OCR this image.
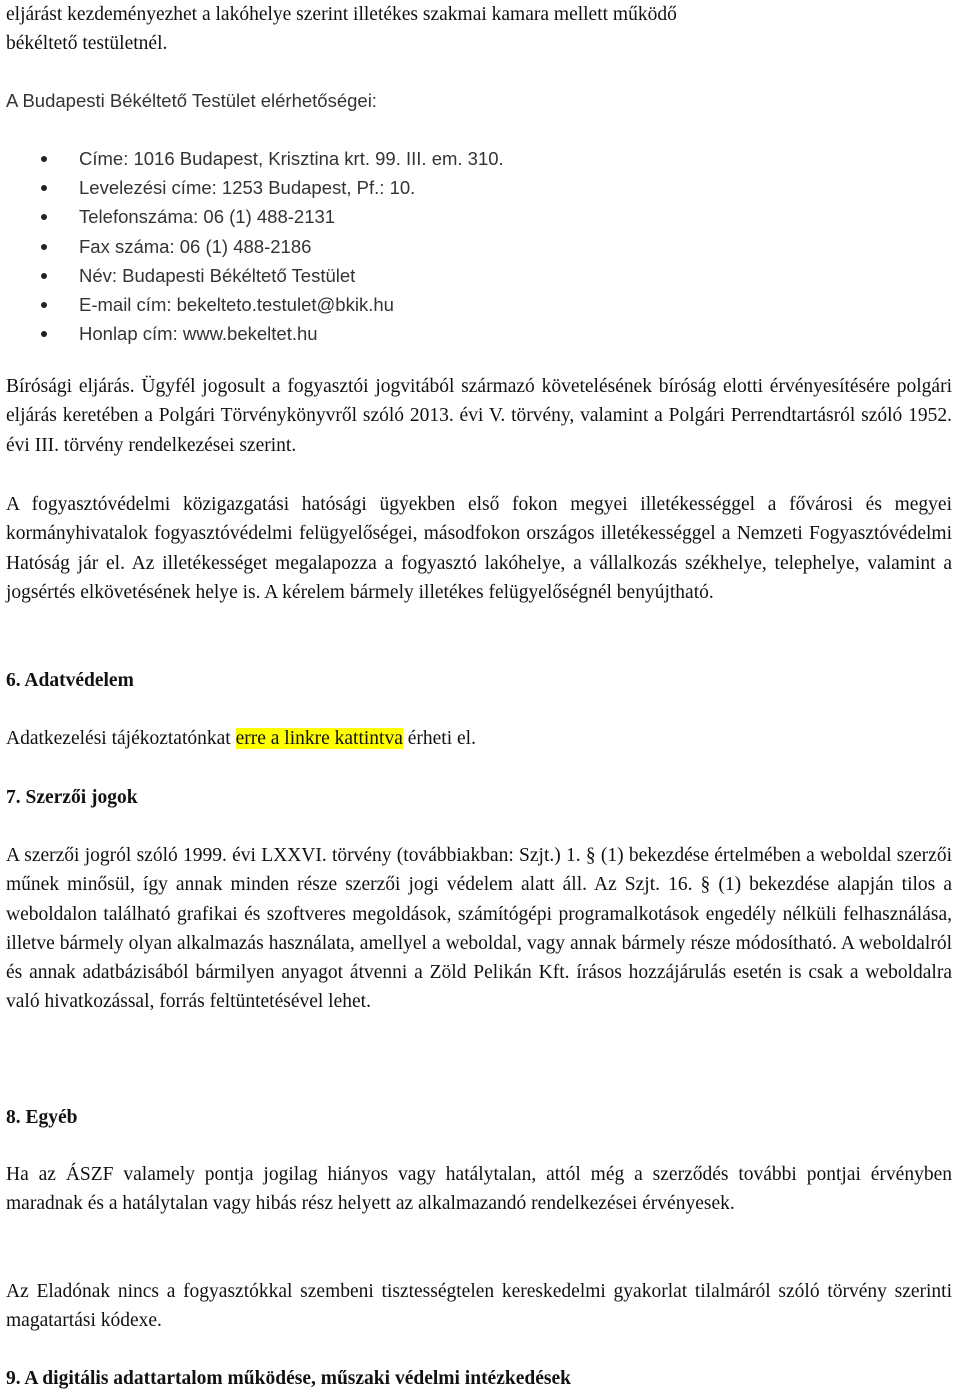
eljárást kezdeményezhet a lakóhelye szerint illetékes szakmai kamara mellett működő
békéltető testületnél.

A Budapesti Békéltető Testület elérhetőségei:

Címe: 1016 Budapest, Krisztina krt. 99. III. em. 310.
Levelezési címe: 1253 Budapest, Pf.: 10.
Telefonszáma: 06 (1) 488-2131
Fax száma: 06 (1) 488-2186
Név: Budapesti Békéltető Testület
E-mail cím: bekelteto.testulet@bkik.hu
Honlap cím: www.bekeltet.hu

Bírósági eljárás. Ügyfél jogosult a fogyasztói jogvitából származó követelésének bíróság elotti érvényesítésére polgári eljárás keretében a Polgári Törvénykönyvről szóló 2013. évi V. törvény, valamint a Polgári Perrendtartásról szóló 1952. évi III. törvény rendelkezései szerint.

A fogyasztóvédelmi közigazgatási hatósági ügyekben első fokon megyei illetékességgel a fővárosi és megyei kormányhivatalok fogyasztóvédelmi felügyelőségei, másodfokon országos illetékességgel a Nemzeti Fogyasztóvédelmi Hatóság jár el. Az illetékességet megalapozza a fogyasztó lakóhelye, a vállalkozás székhelye, telephelye, valamint a jogsértés elkövetésének helye is. A kérelem bármely illetékes felügyelőségnél benyújtható.

6. Adatvédelem

Adatkezelési tájékoztatónkat erre a linkre kattintva érheti el.

7. Szerzői jogok

A szerzői jogról szóló 1999. évi LXXVI. törvény (továbbiakban: Szjt.) 1. § (1) bekezdése értelmében a weboldal szerzői műnek minősül, így annak minden része szerzői jogi védelem alatt áll. Az Szjt. 16. § (1) bekezdése alapján tilos a weboldalon található grafikai és szoftveres megoldások, számítógépi programalkotások engedély nélküli felhasználása, illetve bármely olyan alkalmazás használata, amellyel a weboldal, vagy annak bármely része módosítható. A weboldalról és annak adatbázisából bármilyen anyagot átvenni a Zöld Pelikán Kft. írásos hozzájárulás esetén is csak a weboldalra való hivatkozással, forrás feltüntetésével lehet.

8. Egyéb

Ha az ÁSZF valamely pontja jogilag hiányos vagy hatálytalan, attól még a szerződés további pontjai érvényben maradnak és a hatálytalan vagy hibás rész helyett az alkalmazandó rendelkezései érvényesek.

Az Eladónak nincs a fogyasztókkal szembeni tisztességtelen kereskedelmi gyakorlat tilalmáról szóló törvény szerinti magatartási kódexe.

9. A digitális adattartalom működése, műszaki védelmi intézkedések
